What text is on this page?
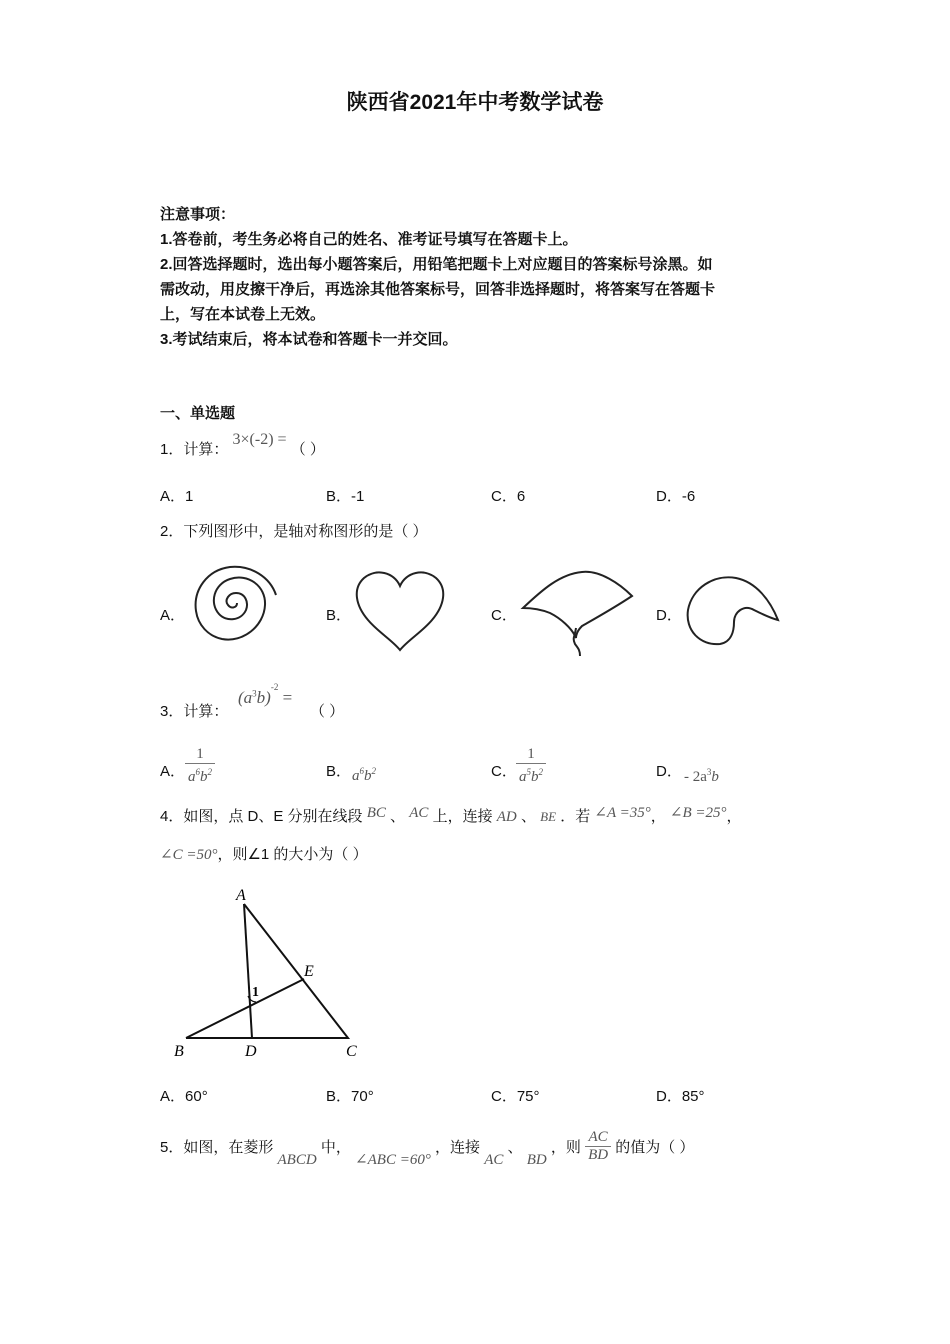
陕西省2021年中考数学试卷
注意事项：
1.答卷前，考生务必将自己的姓名、准考证号填写在答题卡上。
2.回答选择题时，选出每小题答案后，用铅笔把题卡上对应题目的答案标号涂黑。如
需改动，用皮擦干净后，再选涂其他答案标号，回答非选择题时，将答案写在答题卡
上，写在本试卷上无效。
3.考试结束后，将本试卷和答题卡一并交回。
一、单选题
1．计算： 3×(-2) = （ ）
A．1	B．-1	C．6	D．-6
2．下列图形中，是轴对称图形的是（ ）
A．	B．	C．	D．
3．计算：
$(a^3b)^{-2}$ =
（ ）
A． $\frac{1}{a^6b^2}$	B． $a^6b^2$	C． $\frac{1}{a^5b^2}$	D． - $2a^3b$
4．如图，点 D、E 分别在线段 BC 、 AC 上，连接 AD 、 BE ．若 ∠A =35°， ∠B =25°，
∠C =50°，则∠1 的大小为（ ）
A
B	D	C
E
1
A．60°	B．70°	C．75°	D．85°
5．如图，在菱形 ABCD 中， ∠ABC =60° ，连接 AC 、 BD ，则 $\frac{AC}{BD}$ 的值为（ ）
